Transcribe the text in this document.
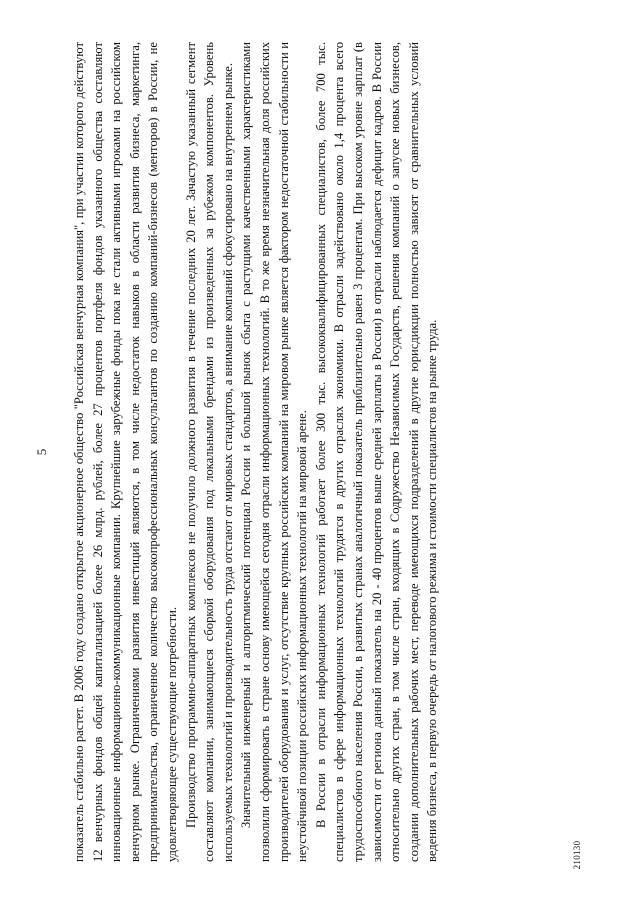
5 показатель стабильно растет. В 2006 году создано открытое акционерное общество "Российская венчурная компания", при участии которого действуют 12 венчурных фондов общей капитализацией более 26 млрд. рублей, более 27 процентов портфеля фондов указанного общества составляют инновационные информационно-коммуникационные компании. Крупнейшие зарубежные фонды пока не стали активными игроками на российском венчурном рынке. Ограничениями развития инвестиций являются, в том числе недостаток навыков в области развития бизнеса, маркетинга, предпринимательства, ограниченное количество высокопрофессиональных консультантов по созданию компаний-бизнесов (менторов) в России, не удовлетворяющее существующие потребности. Производство программно-аппаратных комплексов не получило должного развития в течение последних 20 лет. Зачастую указанный сегмент составляют компании, занимающиеся сборкой оборудования под локальными брендами из произведенных за рубежом компонентов. Уровень используемых технологий и производительность труда отстают от мировых стандартов, а внимание компаний сфокусировано на внутреннем рынке. Значительный инженерный и алгоритмический потенциал России и большой рынок сбыта с растущими качественными характеристиками позволили сформировать в стране основу имеющейся сегодня отрасли информационных технологий. В то же время незначительная доля российских производителей оборудования и услуг, отсутствие крупных российских компаний на мировом рынке является фактором недостаточной стабильности и неустойчивой позиции российских информационных технологий на мировой арене. В России в отрасли информационных технологий работает более 300 тыс. высококвалифицированных специалистов, более 700 тыс. специалистов в сфере информационных технологий трудятся в других отраслях экономики. В отрасли задействовано около 1,4 процента всего трудоспособного населения России, в развитых странах аналогичный показатель приблизительно равен 3 процентам. При высоком уровне зарплат (в зависимости от региона данный показатель на 20 - 40 процентов выше средней зарплаты в России) в отрасли наблюдается дефицит кадров. В России относительно других стран, в том числе стран, входящих в Содружество Независимых Государств, решения компаний о запуске новых бизнесов, создании дополнительных рабочих мест, переводе имеющихся подразделений в другие юрисдикции полностью зависят от сравнительных условий ведения бизнеса, в первую очередь от налогового режима и стоимости специалистов на рынке труда.	210130
